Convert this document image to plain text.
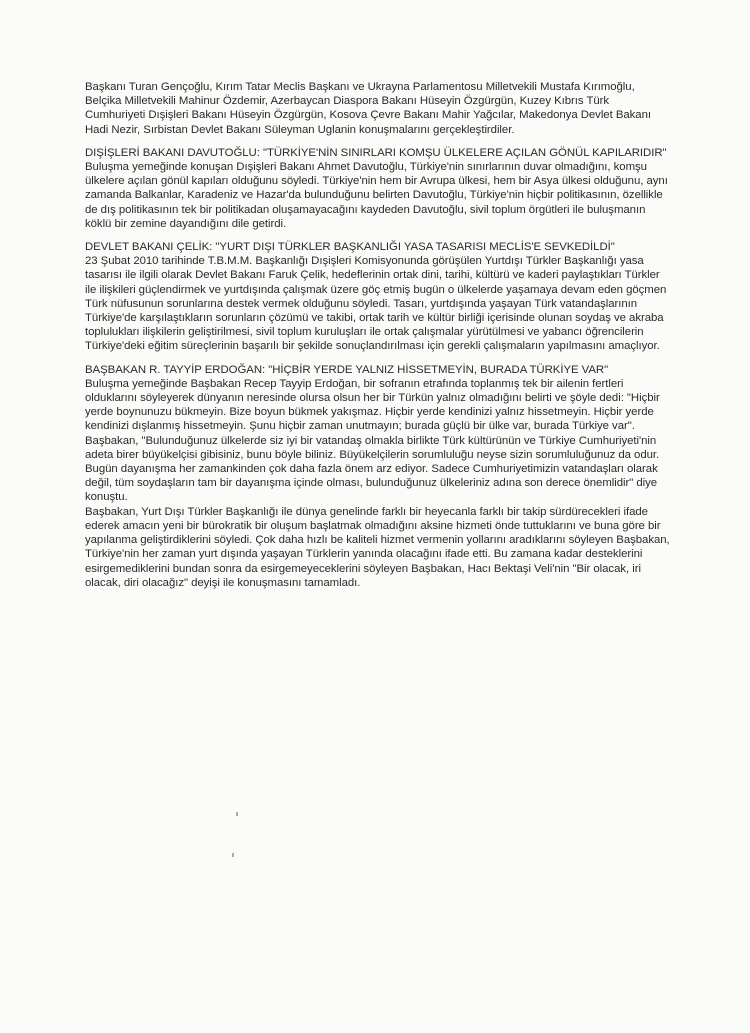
Başkanı Turan Gençoğlu, Kırım Tatar Meclis Başkanı ve Ukrayna Parlamentosu Milletvekili Mustafa Kırımoğlu, Belçika Milletvekili Mahinur Özdemir, Azerbaycan Diaspora Bakanı Hüseyin Özgürgün, Kuzey Kıbrıs Türk Cumhuriyeti Dışişleri Bakanı Hüseyin Özgürgün, Kosova Çevre Bakanı Mahir Yağcılar, Makedonya Devlet Bakanı Hadi Nezir, Sırbistan Devlet Bakanı Süleyman Uglanin konuşmalarını gerçekleştirdiler.

DIŞİŞLERİ BAKANI DAVUTOĞLU: "TÜRKİYE'NİN SINIRLARI KOMŞU ÜLKELERE AÇILAN GÖNÜL KAPILARIDIR"

Buluşma yemeğinde konuşan Dışişleri Bakanı Ahmet Davutoğlu, Türkiye'nin sınırlarının duvar olmadığını, komşu ülkelere açılan gönül kapıları olduğunu söyledi. Türkiye'nin hem bir Avrupa ülkesi, hem bir Asya ülkesi olduğunu, aynı zamanda Balkanlar, Karadeniz ve Hazar'da bulunduğunu belirten Davutoğlu, Türkiye'nin hiçbir politikasının, özellikle de dış politikasının tek bir politikadan oluşamayacağını kaydeden Davutoğlu, sivil toplum örgütleri ile buluşmanın köklü bir zemine dayandığını dile getirdi.

DEVLET BAKANI ÇELİK: "YURT DIŞI TÜRKLER BAŞKANLIĞI YASA TASARISI MECLİS'E SEVKEDİLDİ"

23 Şubat 2010 tarihinde T.B.M.M. Başkanlığı Dışişleri Komisyonunda görüşülen Yurtdışı Türkler Başkanlığı yasa tasarısı ile ilgili olarak Devlet Bakanı Faruk Çelik, hedeflerinin ortak dini, tarihi, kültürü ve kaderi paylaştıkları Türkler ile ilişkileri güçlendirmek ve yurtdışında çalışmak üzere göç etmiş bugün o ülkelerde yaşamaya devam eden göçmen Türk nüfusunun sorunlarına destek vermek olduğunu söyledi. Tasarı, yurtdışında yaşayan Türk vatandaşlarının Türkiye'de karşılaştıkların sorunların çözümü ve takibi, ortak tarih ve kültür birliği içerisinde olunan soydaş ve akraba toplulukları ilişkilerin geliştirilmesi, sivil toplum kuruluşları ile ortak çalışmalar yürütülmesi ve yabancı öğrencilerin Türkiye'deki eğitim süreçlerinin başarılı bir şekilde sonuçlandırılması için gerekli çalışmaların yapılmasını amaçlıyor.

BAŞBAKAN R. TAYYİP ERDOĞAN: "HİÇBİR YERDE YALNIZ HİSSETMEYİN, BURADA TÜRKİYE VAR"

Buluşma yemeğinde Başbakan Recep Tayyip Erdoğan, bir sofranın etrafında toplanmış tek bir ailenin fertleri olduklarını söyleyerek dünyanın neresinde olursa olsun her bir Türkün yalnız olmadığını belirti ve şöyle dedi: "Hiçbir yerde boynunuzu bükmeyin. Bize boyun bükmek yakışmaz. Hiçbir yerde kendinizi yalnız hissetmeyin. Hiçbir yerde kendinizi dışlanmış hissetmeyin. Şunu hiçbir zaman unutmayın; burada güçlü bir ülke var, burada Türkiye var". Başbakan, "Bulunduğunuz ülkelerde siz iyi bir vatandaş olmakla birlikte Türk kültürünün ve Türkiye Cumhuriyeti'nin adeta birer büyükelçisi gibisiniz, bunu böyle biliniz. Büyükelçilerin sorumluluğu neyse sizin sorumluluğunuz da odur. Bugün dayanışma her zamankinden çok daha fazla önem arz ediyor. Sadece Cumhuriyetimizin vatandaşları olarak değil, tüm soydaşların tam bir dayanışma içinde olması, bulunduğunuz ülkeleriniz adına son derece önemlidir" diye konuştu.

Başbakan, Yurt Dışı Türkler Başkanlığı ile dünya genelinde farklı bir heyecanla farklı bir takip sürdürecekleri ifade ederek amacın yeni bir bürokratik bir oluşum başlatmak olmadığını aksine hizmeti önde tuttuklarını ve buna göre bir yapılanma geliştirdiklerini söyledi. Çok daha hızlı be kaliteli hizmet vermenin yollarını aradıklarını söyleyen Başbakan, Türkiye'nin her zaman yurt dışında yaşayan Türklerin yanında olacağını ifade etti. Bu zamana kadar desteklerini esirgemediklerini bundan sonra da esirgemeyeceklerini söyleyen Başbakan, Hacı Bektaşi Veli'nin "Bir olacak, iri olacak, diri olacağız" deyişi ile konuşmasını tamamladı.
